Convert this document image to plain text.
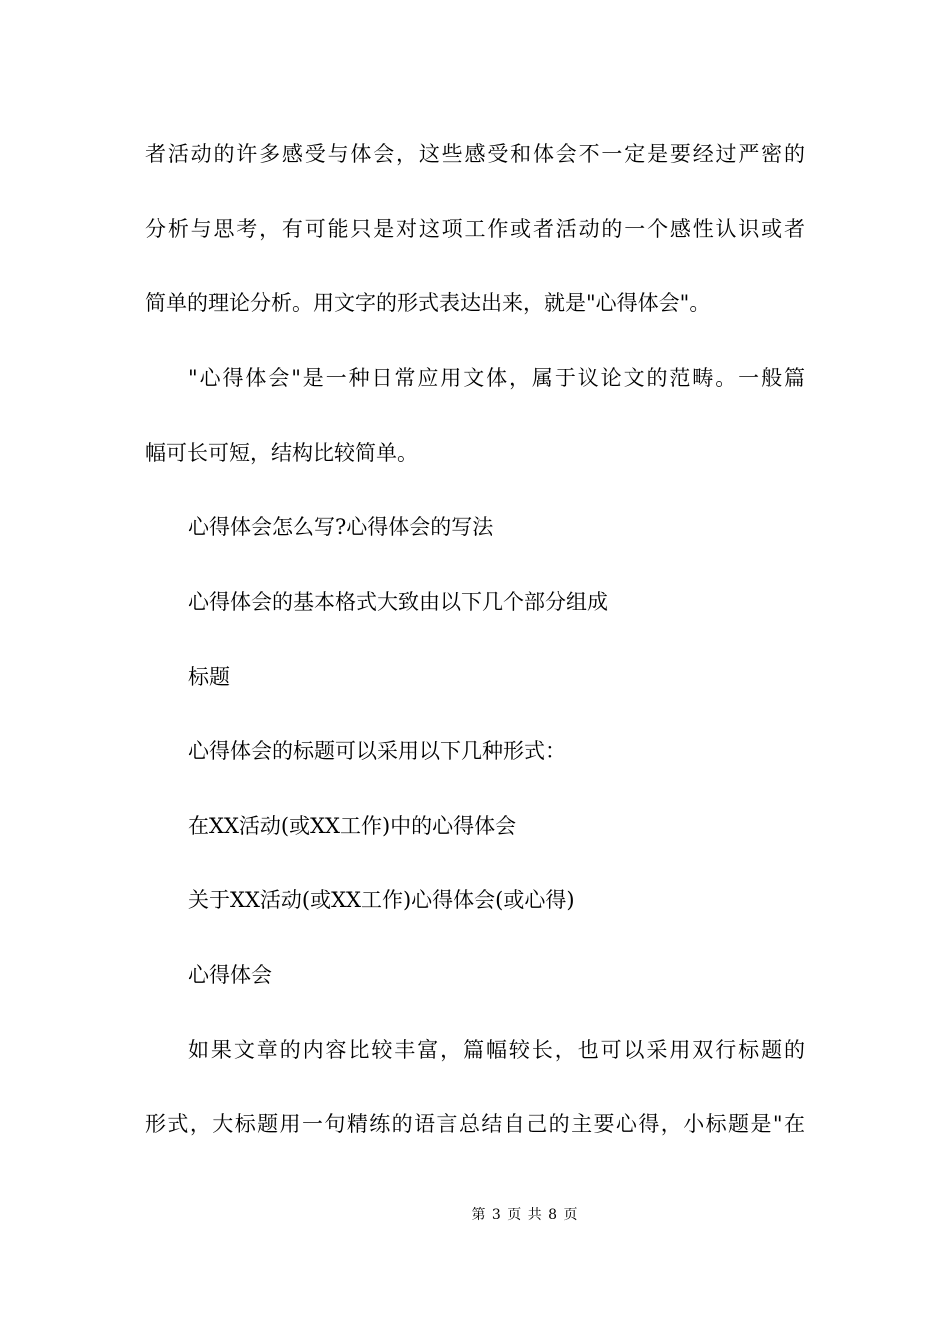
者活动的许多感受与体会，这些感受和体会不一定是要经过严密的
分析与思考，有可能只是对这项工作或者活动的一个感性认识或者
简单的理论分析。用文字的形式表达出来，就是"心得体会"。
"心得体会"是一种日常应用文体，属于议论文的范畴。一般篇
幅可长可短，结构比较简单。
心得体会怎么写?心得体会的写法
心得体会的基本格式大致由以下几个部分组成
标题
心得体会的标题可以采用以下几种形式：
在XX活动(或XX工作)中的心得体会
关于XX活动(或XX工作)心得体会(或心得)
心得体会
如果文章的内容比较丰富，篇幅较长，也可以采用双行标题的
形式，大标题用一句精练的语言总结自己的主要心得，小标题是"在
第 3 页 共 8 页
